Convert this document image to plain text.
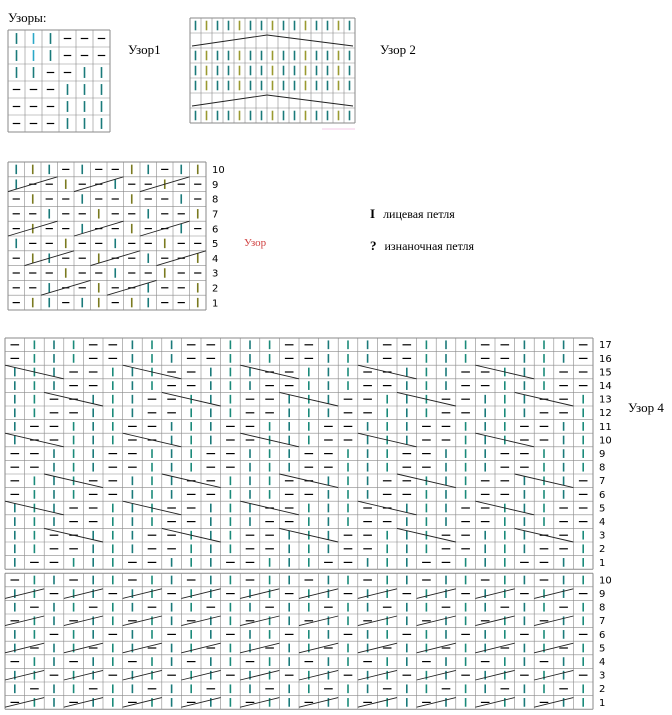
Узоры:
Узор1	Узор 2
10
9
8
7
6
5
4
3
2
1
Узор
I лицевая петля
? изнаночная петля
17
16
15
14
13
12
11
10
9
8
7
6
5
4
3
2
1
10
9
8
7
6
5
4
3
2
1
Узор 4
